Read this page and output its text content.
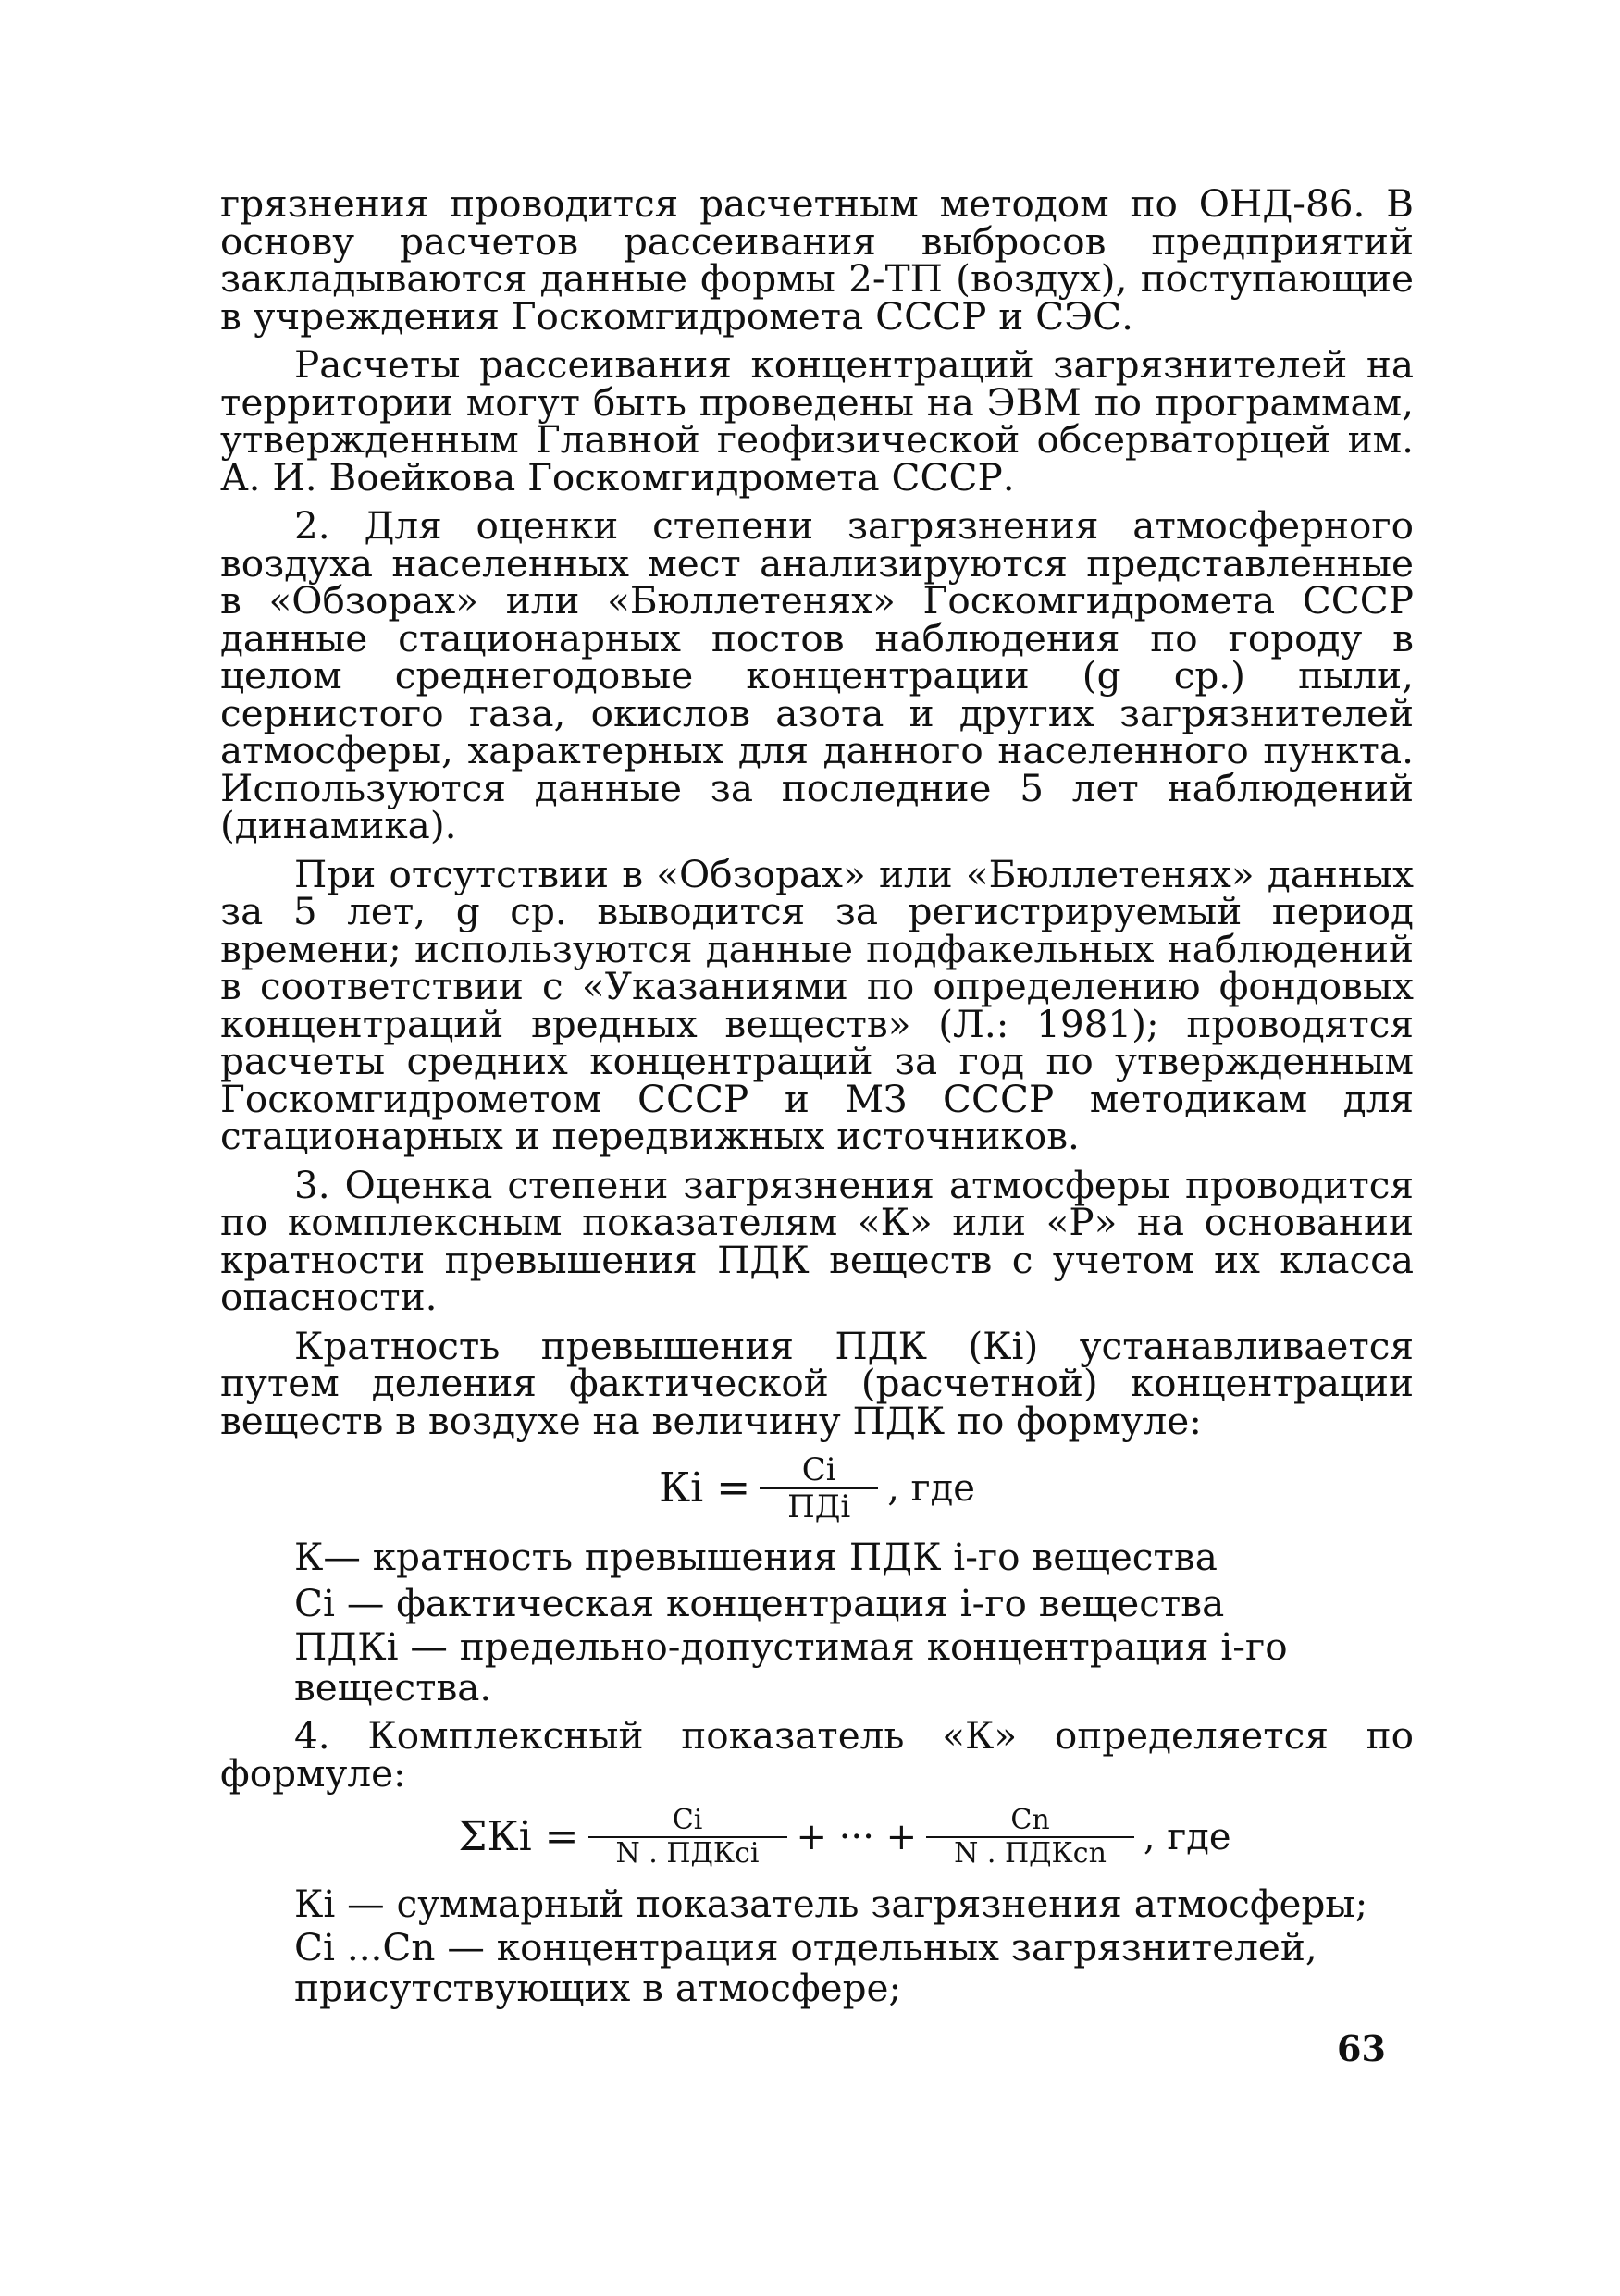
грязнения проводится расчетным методом по ОНД-86. В основу расчетов рассеивания выбросов предприятий закладываются данные формы 2-ТП (воздух), поступающие в учреждения Госкомгидромета СССР и СЭС.

Расчеты рассеивания концентраций загрязнителей на территории могут быть проведены на ЭВМ по программам, утвержденным Главной геофизической обсерваторцей им. А. И. Воейкова Госкомгидромета СССР.

2. Для оценки степени загрязнения атмосферного воздуха населенных мест анализируются представленные в «Обзорах» или «Бюллетенях» Госкомгидромета СССР данные стационарных постов наблюдения по городу в целом среднегодовые концентрации (g ср.) пыли, сернистого газа, окислов азота и других загрязнителей атмосферы, характерных для данного населенного пункта. Используются данные за последние 5 лет наблюдений (динамика).

При отсутствии в «Обзорах» или «Бюллетенях» данных за 5 лет, g ср. выводится за регистрируемый период времени; используются данные подфакельных наблюдений в соответствии с «Указаниями по определению фондовых концентраций вредных веществ» (Л.: 1981); проводятся расчеты средних концентраций за год по утвержденным Госкомгидрометом СССР и МЗ СССР методикам для стационарных и передвижных источников.

3. Оценка степени загрязнения атмосферы проводится по комплексным показателям «К» или «Р» на основании кратности превышения ПДК веществ с учетом их класса опасности.

Кратность превышения ПДК (Кi) устанавливается путем деления фактической (расчетной) концентрации веществ в воздухе на величину ПДК по формуле:

Кi = $\frac{Ci}{\text{ПДi}}$ , где

К— кратность превышения ПДК i-го вещества

Ci — фактическая концентрация i-го вещества

ПДКi — предельно-допустимая концентрация i-го вещества.

4. Комплексный показатель «К» определяется по формуле:

$\Sigma Кi = \frac{Ci}{\text{N . ПДКci}}$ + ··· + $\frac{Cn}{\text{N . ПДКcn}}$ , где

Кi — суммарный показатель загрязнения атмосферы;

Ci ...Cn — концентрация отдельных загрязнителей, присутствующих в атмосфере;

63
